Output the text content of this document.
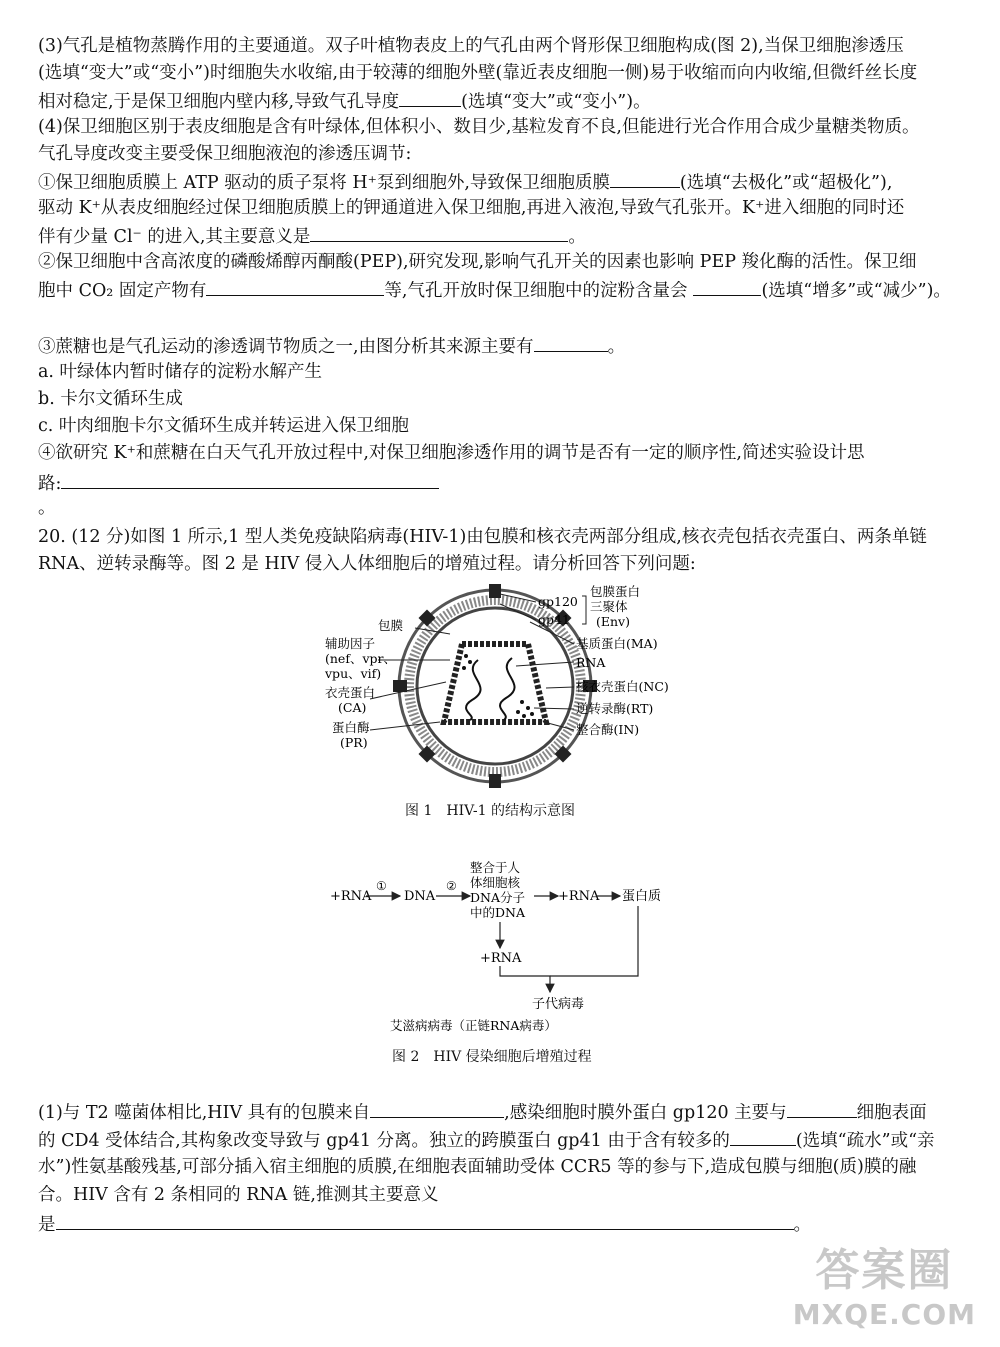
(3)气孔是植物蒸腾作用的主要通道。双子叶植物表皮上的气孔由两个肾形保卫细胞构成(图 2),当保卫细胞渗透压
(选填“变大”或“变小”)时细胞失水收缩,由于较薄的细胞外壁(靠近表皮细胞一侧)易于收缩而向内收缩,但微纤丝长度
相对稳定,于是保卫细胞内壁内移,导致气孔导度	(选填“变大”或“变小”)。
(4)保卫细胞区别于表皮细胞是含有叶绿体,但体积小、数目少,基粒发育不良,但能进行光合作用合成少量糖类物质。
气孔导度改变主要受保卫细胞液泡的渗透压调节:
①保卫细胞质膜上 ATP 驱动的质子泵将 H⁺泵到细胞外,导致保卫细胞质膜	(选填“去极化”或“超极化”),
驱动 K⁺从表皮细胞经过保卫细胞质膜上的钾通道进入保卫细胞,再进入液泡,导致气孔张开。K⁺进入细胞的同时还
伴有少量 Cl⁻ 的进入,其主要意义是	。
②保卫细胞中含高浓度的磷酸烯醇丙酮酸(PEP),研究发现,影响气孔开关的因素也影响 PEP 羧化酶的活性。保卫细
胞中 CO₂ 固定产物有	等,气孔开放时保卫细胞中的淀粉含量会	(选填“增多”或“减少”)。
③蔗糖也是气孔运动的渗透调节物质之一,由图分析其来源主要有	。
a. 叶绿体内暂时储存的淀粉水解产生
b. 卡尔文循环生成
c. 叶肉细胞卡尔文循环生成并转运进入保卫细胞
④欲研究 K⁺和蔗糖在白天气孔开放过程中,对保卫细胞渗透作用的调节是否有一定的顺序性,简述实验设计思
路:
。
20. (12 分)如图 1 所示,1 型人类免疫缺陷病毒(HIV-1)由包膜和核衣壳两部分组成,核衣壳包括衣壳蛋白、两条单链
RNA、逆转录酶等。图 2 是 HIV 侵入人体细胞后的增殖过程。请分析回答下列问题:
包膜
辅助因子
(nef、vpr、
vpu、vif)
衣壳蛋白
(CA)
蛋白酶
(PR)
gp120
gp41
包膜蛋白
三聚体
(Env)
基质蛋白(MA)
RNA
核衣壳蛋白(NC)
逆转录酶(RT)
整合酶(IN)
图 1　HIV-1 的结构示意图
+RNA
①
DNA
②
整合于人
体细胞核
DNA分子
中的DNA
+RNA 蛋白质
+RNA
子代病毒
艾滋病病毒（正链RNA病毒）
图 2　HIV 侵染细胞后增殖过程
(1)与 T2 噬菌体相比,HIV 具有的包膜来自	,感染细胞时膜外蛋白 gp120 主要与	细胞表面
的 CD4 受体结合,其构象改变导致与 gp41 分离。独立的跨膜蛋白 gp41 由于含有较多的	(选填“疏水”或“亲
水”)性氨基酸残基,可部分插入宿主细胞的质膜,在细胞表面辅助受体 CCR5 等的参与下,造成包膜与细胞(质)膜的融
合。HIV 含有 2 条相同的 RNA 链,推测其主要意义
是	。
答案圈
MXQE.COM
